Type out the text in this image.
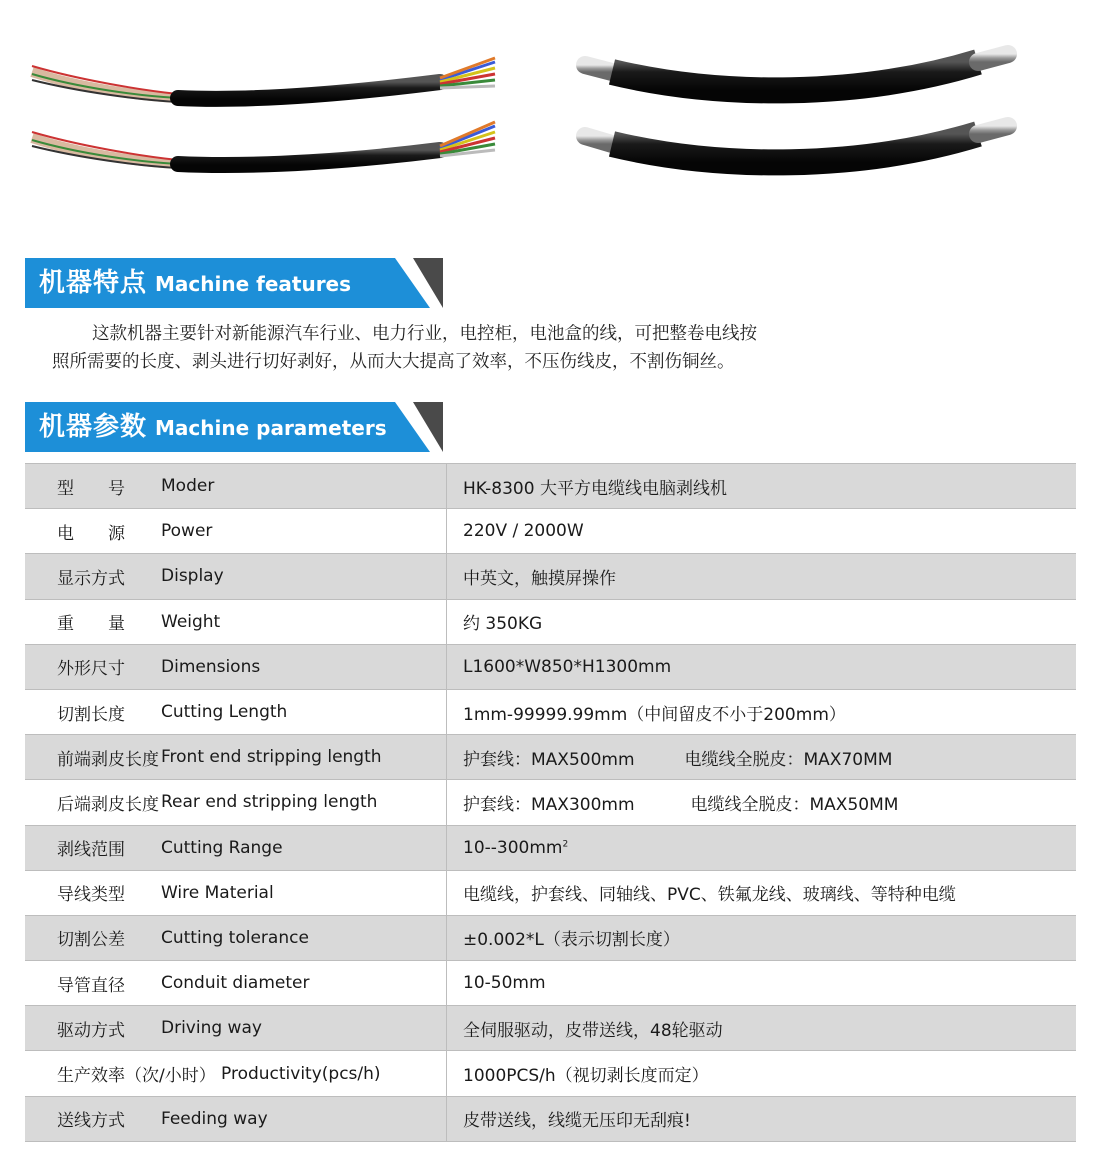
机器特点 Machine features

这款机器主要针对新能源汽车行业、电力行业，电控柜，电池盒的线，可把整卷电线按

照所需要的长度、剥头进行切好剥好，从而大大提高了效率，不压伤线皮，不割伤铜丝。

机器参数 Machine parameters
型　　号	Moder	HK-8300 大平方电缆线电脑剥线机
电　　源	Power	220V / 2000W
显示方式	Display	中英文，触摸屏操作
重　　量	Weight	约 350KG
外形尺寸	Dimensions	L1600*W850*H1300mm
切割长度	Cutting Length	1mm-99999.99mm（中间留皮不小于200mm）
前端剥皮长度	Front end stripping length	护套线：MAX500mm 电缆线全脱皮：MAX70MM
后端剥皮长度	Rear end stripping length	护套线：MAX300mm 电缆线全脱皮：MAX50MM
剥线范围	Cutting Range	$10--300mm^2$
导线类型	Wire Material	电缆线，护套线、同轴线、PVC、铁氟龙线、玻璃线、等特种电缆
切割公差	Cutting tolerance	±0.002*L（表示切割长度）
导管直径	Conduit diameter	10-50mm
驱动方式	Driving way	全伺服驱动，皮带送线，48轮驱动
生产效率（次/小时）	Productivity(pcs/h)	1000PCS/h（视切剥长度而定）
送线方式	Feeding way	皮带送线，线缆无压印无刮痕!
